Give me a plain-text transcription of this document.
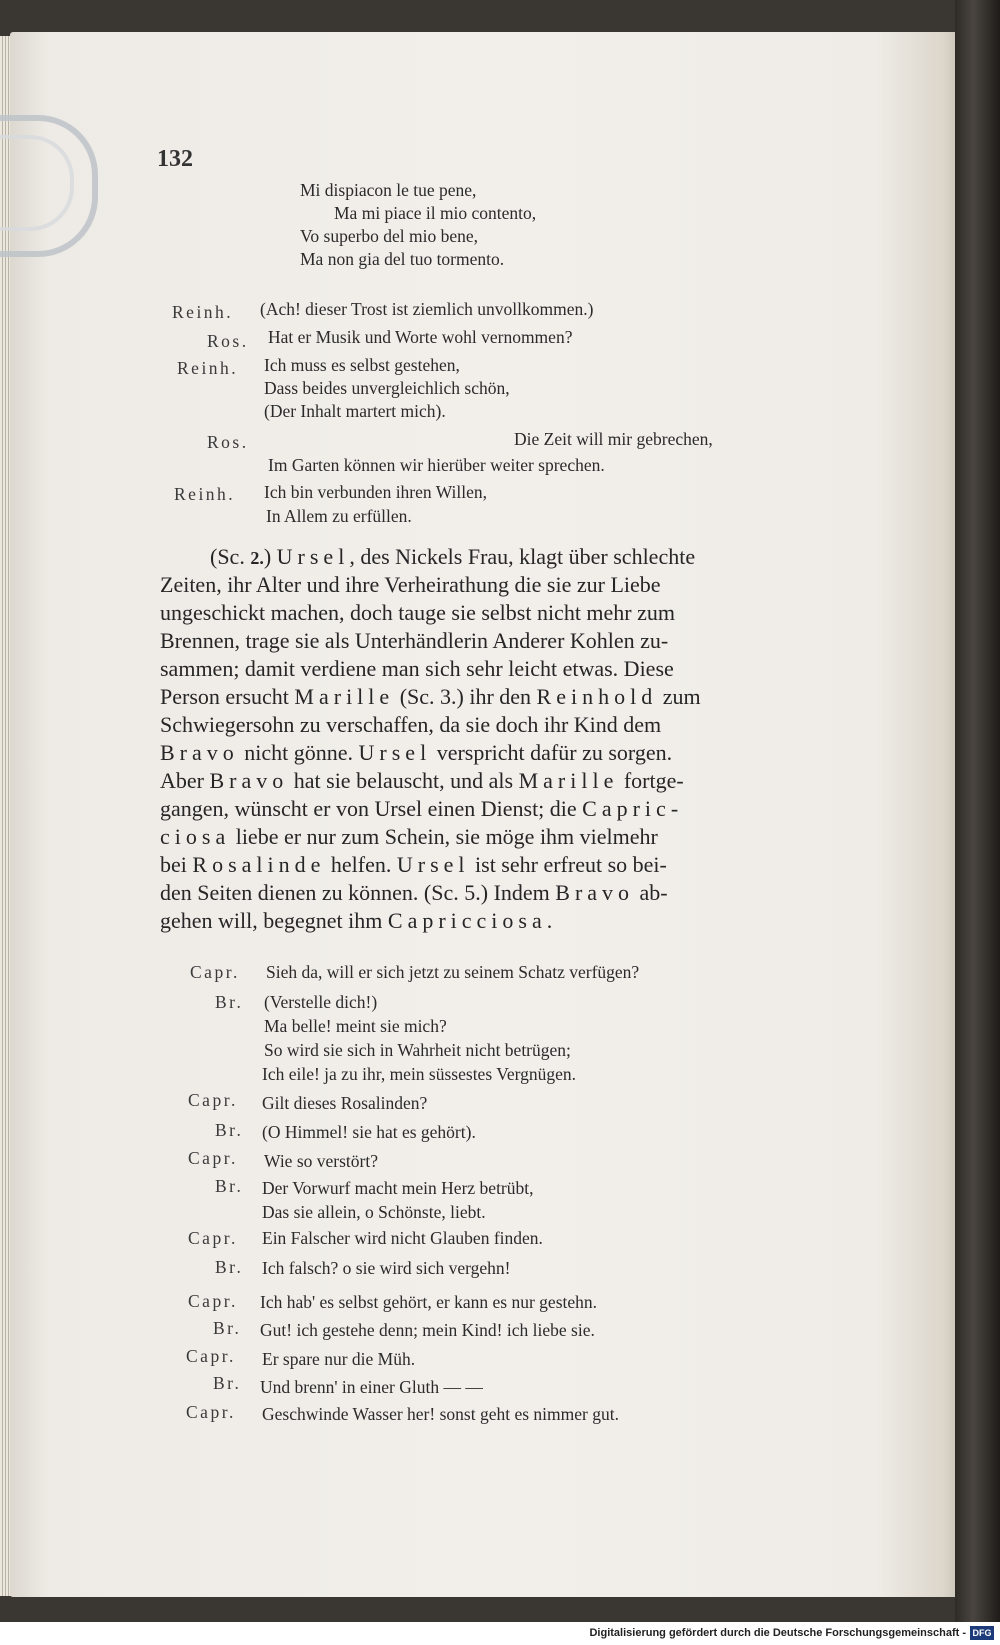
132
Mi dispiacon le tue pene,
Ma mi piace il mio contento,
Vo superbo del mio bene,
Ma non gia del tuo tormento.
Reinh. (Ach! dieser Trost ist ziemlich unvollkommen.)
Ros. Hat er Musik und Worte wohl vernommen?
Reinh. Ich muss es selbst gestehen,
Dass beides unvergleichlich schön,
(Der Inhalt martert mich).
Ros.	Die Zeit will mir gebrechen,
Im Garten können wir hierüber weiter sprechen.
Reinh. Ich bin verbunden ihren Willen,
In Allem zu erfüllen.
(Sc. 2.) Ursel, des Nickels Frau, klagt über schlechte
Zeiten, ihr Alter und ihre Verheirathung die sie zur Liebe
ungeschickt machen, doch tauge sie selbst nicht mehr zum
Brennen, trage sie als Unterhändlerin Anderer Kohlen zu-
sammen; damit verdiene man sich sehr leicht etwas. Diese
Person ersucht Marille (Sc. 3.) ihr den Reinhold zum
Schwiegersohn zu verschaffen, da sie doch ihr Kind dem
Bravo nicht gönne. Ursel verspricht dafür zu sorgen.
Aber Bravo hat sie belauscht, und als Marille fortge-
gangen, wünscht er von Ursel einen Dienst; die Capric-
ciosa liebe er nur zum Schein, sie möge ihm vielmehr
bei Rosalinde helfen. Ursel ist sehr erfreut so bei-
den Seiten dienen zu können. (Sc. 5.) Indem Bravo ab-
gehen will, begegnet ihm Capricciosa.
Capr. Sieh da, will er sich jetzt zu seinem Schatz verfügen?
Br. (Verstelle dich!)
Ma belle! meint sie mich?
So wird sie sich in Wahrheit nicht betrügen;
Ich eile! ja zu ihr, mein süssestes Vergnügen.
Capr. Gilt dieses Rosalinden?
Br. (O Himmel! sie hat es gehört).
Capr. Wie so verstört?
Br. Der Vorwurf macht mein Herz betrübt,
Das sie allein, o Schönste, liebt.
Capr. Ein Falscher wird nicht Glauben finden.
Br. Ich falsch? o sie wird sich vergehn!
Capr. Ich hab' es selbst gehört, er kann es nur gestehn.
Br. Gut! ich gestehe denn; mein Kind! ich liebe sie.
Capr. Er spare nur die Müh.
Br. Und brenn' in einer Gluth — —
Capr. Geschwinde Wasser her! sonst geht es nimmer gut.
Digitalisierung gefördert durch die Deutsche Forschungsgemeinschaft - DFG
